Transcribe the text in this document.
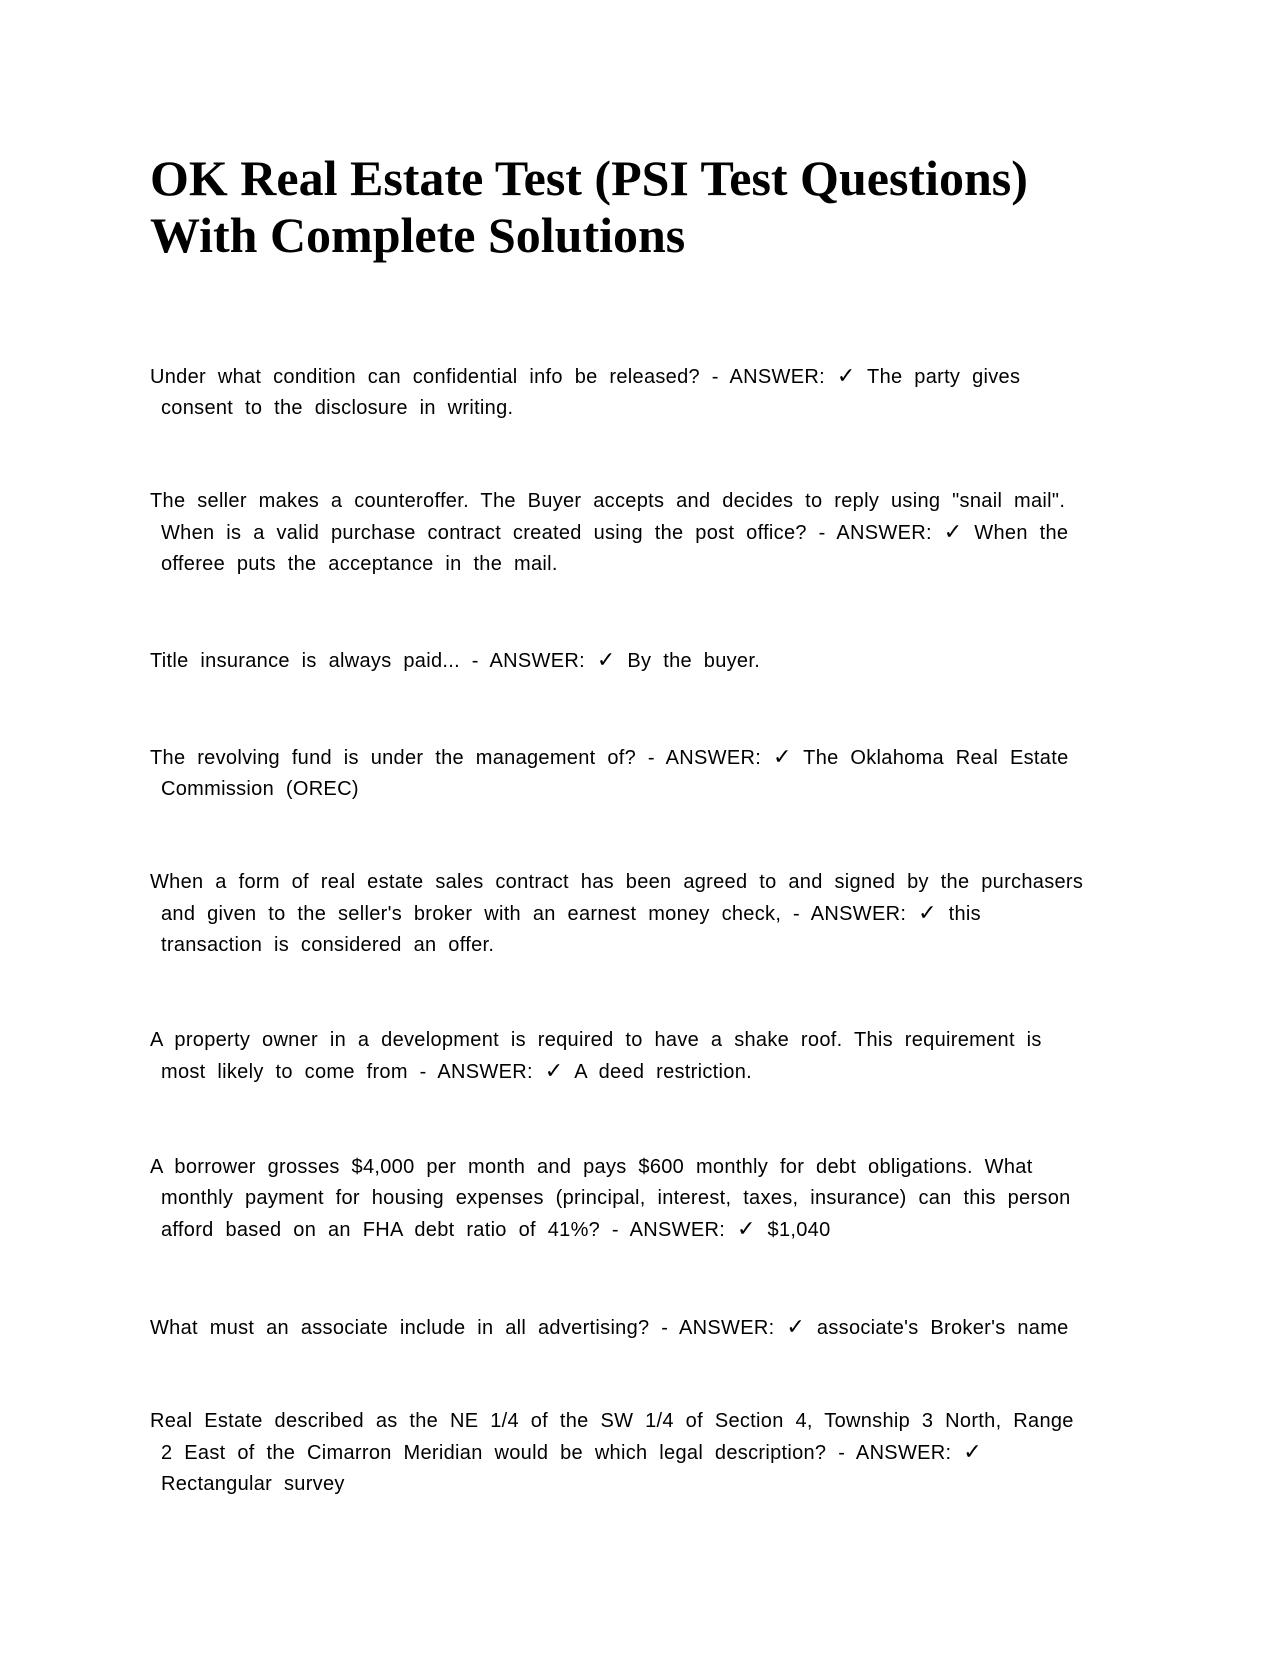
OK Real Estate Test (PSI Test Questions)
With Complete Solutions

Under what condition can confidential info be released? - ANSWER: ✓ The party gives
consent to the disclosure in writing.

The seller makes a counteroffer. The Buyer accepts and decides to reply using "snail mail".
When is a valid purchase contract created using the post office? - ANSWER: ✓ When the
offeree puts the acceptance in the mail.

Title insurance is always paid... - ANSWER: ✓ By the buyer.

The revolving fund is under the management of? - ANSWER: ✓ The Oklahoma Real Estate
Commission (OREC)

When a form of real estate sales contract has been agreed to and signed by the purchasers
and given to the seller's broker with an earnest money check, - ANSWER: ✓ this
transaction is considered an offer.

A property owner in a development is required to have a shake roof. This requirement is
most likely to come from - ANSWER: ✓ A deed restriction.

A borrower grosses $4,000 per month and pays $600 monthly for debt obligations. What
monthly payment for housing expenses (principal, interest, taxes, insurance) can this person
afford based on an FHA debt ratio of 41%? - ANSWER: ✓ $1,040

What must an associate include in all advertising? - ANSWER: ✓ associate's Broker's name

Real Estate described as the NE 1/4 of the SW 1/4 of Section 4, Township 3 North, Range
2 East of the Cimarron Meridian would be which legal description? - ANSWER: ✓
Rectangular survey
